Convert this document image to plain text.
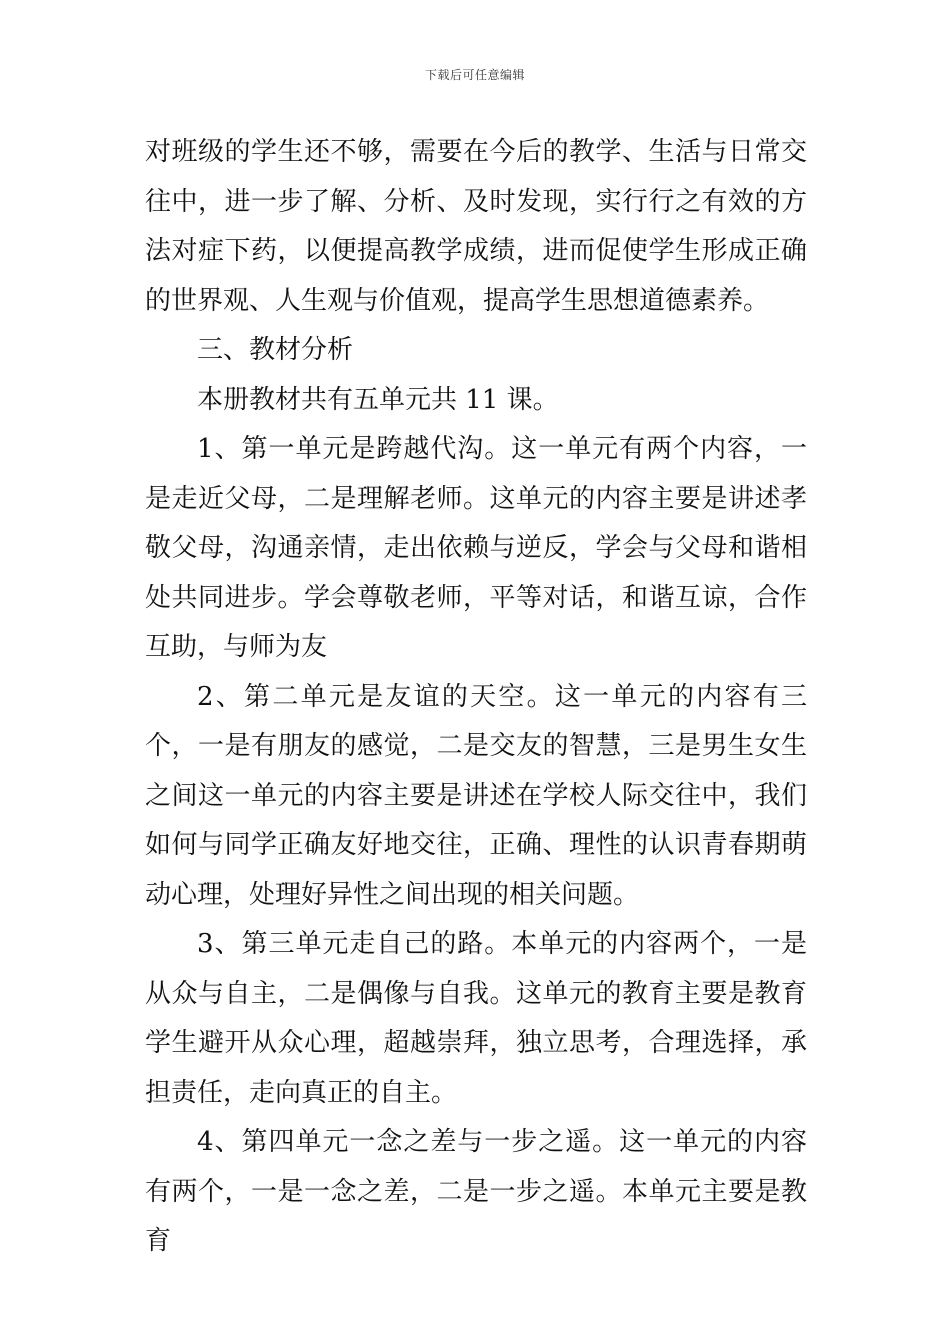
下载后可任意编辑

对班级的学生还不够，需要在今后的教学、生活与日常交往中，进一步了解、分析、及时发现，实行行之有效的方法对症下药，以便提高教学成绩，进而促使学生形成正确的世界观、人生观与价值观，提高学生思想道德素养。

三、教材分析

本册教材共有五单元共 11 课。

1、第一单元是跨越代沟。这一单元有两个内容，一是走近父母，二是理解老师。这单元的内容主要是讲述孝敬父母，沟通亲情，走出依赖与逆反，学会与父母和谐相处共同进步。学会尊敬老师，平等对话，和谐互谅，合作互助，与师为友

2、第二单元是友谊的天空。这一单元的内容有三个，一是有朋友的感觉，二是交友的智慧，三是男生女生之间这一单元的内容主要是讲述在学校人际交往中，我们如何与同学正确友好地交往，正确、理性的认识青春期萌动心理，处理好异性之间出现的相关问题。

3、第三单元走自己的路。本单元的内容两个，一是从众与自主，二是偶像与自我。这单元的教育主要是教育学生避开从众心理，超越崇拜，独立思考，合理选择，承担责任，走向真正的自主。

4、第四单元一念之差与一步之遥。这一单元的内容有两个，一是一念之差，二是一步之遥。本单元主要是教育
